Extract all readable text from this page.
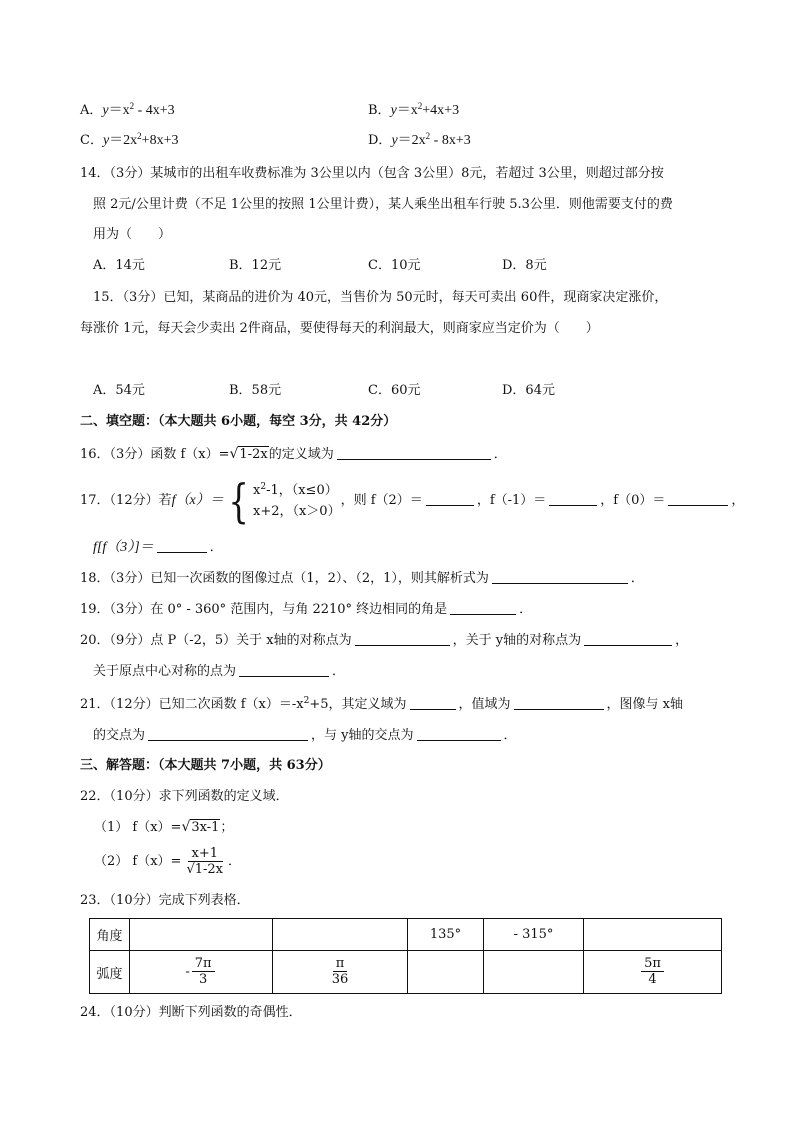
A．$y=x^2 - 4x+3$	B．$y=x^2+4x+3$
C．$y=2x^2+8x+3$	D．$y=2x^2 - 8x+3$
14．（3分）某城市的出租车收费标准为 3公里以内（包含 3公里）8元，若超过 3公里，则超过部分按
照 2元/公里计费（不足 1公里的按照 1公里计费），某人乘坐出租车行驶 5.3公里．则他需要支付的费
用为（　　）
A．14元	B．12元	C．10元	D．8元
15．（3分）已知，某商品的进价为 40元，当售价为 50元时，每天可卖出 60件，现商家决定涨价，
每涨价 1元，每天会少卖出 2件商品，要使得每天的利润最大，则商家应当定价为（　　）
A．54元	B．58元	C．60元	D．64元
二、填空题：（本大题共 6小题，每空 3分，共 42分）
16．（3分）函数 f（x）=√1-2x的定义域为	．
17．（12分）若f（x）＝{ $x^2-1$，（x≤0）
x+2，（x＞0）
，则 f（2）＝	，f（-1）＝	，f（0）＝	，
f[f（3）]＝	．
18．（3分）已知一次函数的图像过点（1，2）、（2，1），则其解析式为	．
19．（3分）在 0° - 360° 范围内，与角 2210° 终边相同的角是	．
20．（9分）点 P（-2，5）关于 x轴的对称点为	，关于 y轴的对称点为	，
关于原点中心对称的点为	．
21．（12分）已知二次函数 $f(x)=-x^2+5$，其定义域为	，值域为	，图像与 x轴
的交点为	，与 y轴的交点为	．
三、解答题：（本大题共 7小题，共 63分）
22．（10分）求下列函数的定义域．
（1） f（x）=√3x-1；
（2） $f(x)= \frac{x+1}{√1-2x}$ ．
23．（10分）完成下列表格．
角度			135°	- 315°	
弧度	- $\frac{7\pi}{3}$	$\frac{\pi}{36}$			$\frac{5\pi}{4}$
24．（10分）判断下列函数的奇偶性．
